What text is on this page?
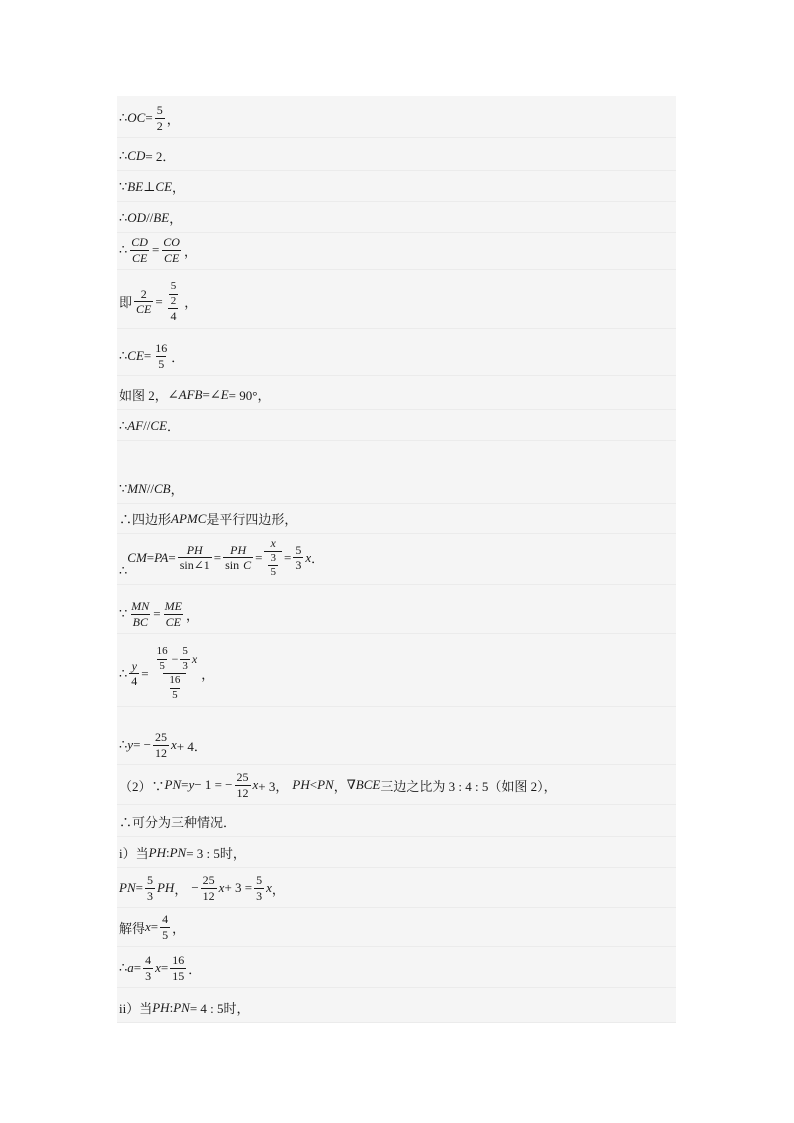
∴ OC = $\frac{5}{2}$ ，
∴ CD = 2．
∵ BE ⊥ CE ，
∴ OD // BE ，
∴ $\frac{CD}{CE} = \frac{CO}{CE}$ ，
即 $\frac{2}{CE} = \frac{\frac{5}{2}}{4}$ ，
∴ CE = $\frac{16}{5}$ ．
如图 2， ∠AFB = ∠E = 90°，
∴ AF // CE ．
∵ MN // CB ，
∴四边形 APMC 是平行四边形，
∴
CM = PA = $\frac{PH}{\sin\angle 1} = \frac{PH}{\text{sin C}} = \frac{x}{\frac{3}{5}} = \frac{5}{3}$ x ．
∵ $\frac{MN}{BC} = \frac{ME}{CE}$ ，
∴ $\frac{y}{4} = \frac{\frac{16}{5} - \frac{5}{3} x}{\frac{16}{5}}$ ，
∴ y = − $\frac{25}{12}$ x + 4．
（2）∵ PN = y − 1 = − $\frac{25}{12}$ x + 3， PH < PN ， ∇BCE 三边之比为 3 : 4 : 5（如图 2），
∴可分为三种情况．
i）当 PH : PN = 3 : 5时，
PN = $\frac{5}{3}$ PH ， − $\frac{25}{12}$ $x + 3 = \frac{5}{3}$ x ，
解得 $x = \frac{4}{5}$ ，
∴ $a = \frac{4}{3}$ $x = \frac{16}{15}$ ．
ii）当 PH : PN = 4 : 5时，
